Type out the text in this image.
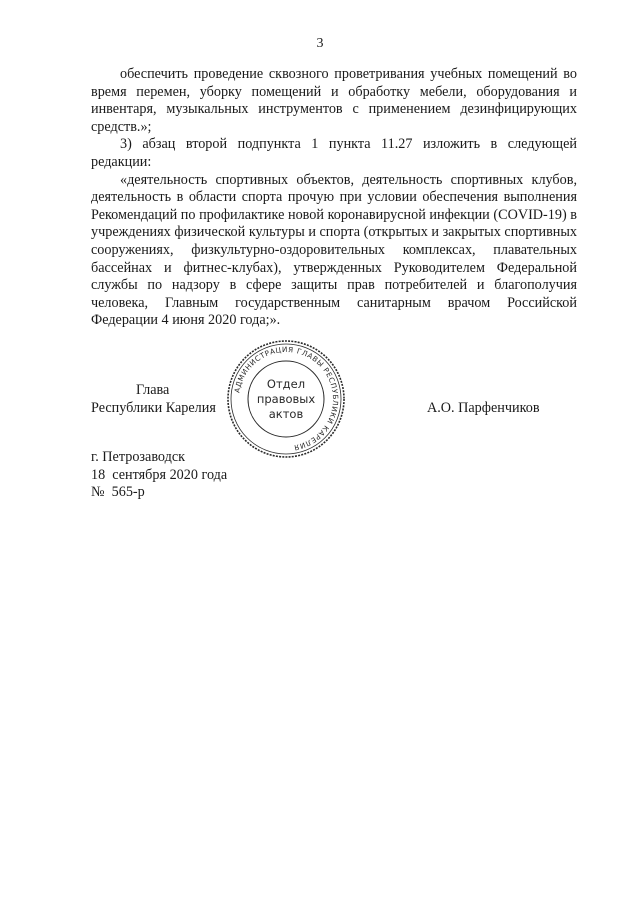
3

обеспечить проведение сквозного проветривания учебных помещений во время перемен, уборку помещений и обработку мебели, оборудования и инвентаря, музыкальных инструментов с применением дезинфицирующих средств.»;

3) абзац второй подпункта 1 пункта 11.27 изложить в следующей редакции:

«деятельность спортивных объектов, деятельность спортивных клубов, деятельность в области спорта прочую при условии обеспечения выполнения Рекомендаций по профилактике новой коронавирусной инфекции (COVID-19) в учреждениях физической культуры и спорта (открытых и закрытых спортивных сооружениях, физкультурно-оздоровительных комплексах, плавательных бассейнах и фитнес-клубах), утвержденных Руководителем Федеральной службы по надзору в сфере защиты прав потребителей и благополучия человека, Главным государственным санитарным врачом Российской Федерации 4 июня 2020 года;».

Глава
Республики Карелия	А.О. Парфенчиков
АДМИНИСТРАЦИЯ ГЛАВЫ РЕСПУБЛИКИ КАРЕЛИЯ
Отдел
правовых
актов
г. Петрозаводск
18  сентября 2020 года
№  565-р
